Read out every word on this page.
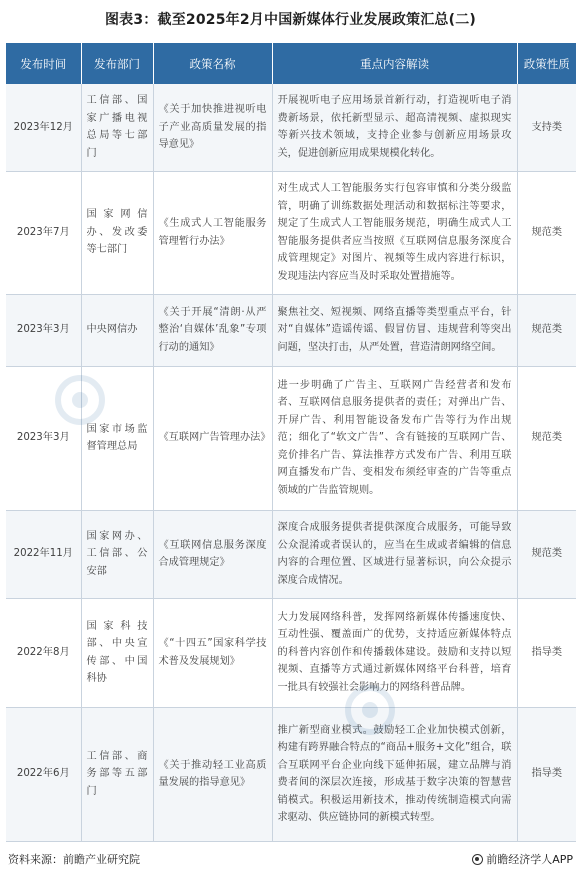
图表3：截至2025年2月中国新媒体行业发展政策汇总(二)
发布时间	发布部门	政策名称	重点内容解读	政策性质
2023年12月	工信部、国家广播电视总局等七部门	《关于加快推进视听电子产业高质量发展的指导意见》	开展视听电子应用场景首新行动，打造视听电子消费新场景，依托新型显示、超高清视频、虚拟现实等新兴技术领域，支持企业参与创新应用场景攻关，促进创新应用成果规模化转化。	支持类
2023年7月	国家网信办、发改委等七部门	《生成式人工智能服务管理暂行办法》	对生成式人工智能服务实行包容审慎和分类分级监管，明确了训练数据处理活动和数据标注等要求，规定了生成式人工智能服务规范，明确生成式人工智能服务提供者应当按照《互联网信息服务深度合成管理规定》对图片、视频等生成内容进行标识，发现违法内容应当及时采取处置措施等。	规范类
2023年3月	中央网信办	《关于开展“清朗·从严整治‘自媒体’乱象”专项行动的通知》	聚焦社交、短视频、网络直播等类型重点平台，针对“自媒体”造谣传谣、假冒仿冒、违规营利等突出问题，坚决打击，从严处置，营造清朗网络空间。	规范类
2023年3月	国家市场监督管理总局	《互联网广告管理办法》	进一步明确了广告主、互联网广告经营者和发布者、互联网信息服务提供者的责任；对弹出广告、开屏广告、利用智能设备发布广告等行为作出规范；细化了“软文广告”、含有链接的互联网广告、竞价排名广告、算法推荐方式发布广告、利用互联网直播发布广告、变相发布须经审查的广告等重点领域的广告监管规则。	规范类
2022年11月	国家网办、工信部、公安部	《互联网信息服务深度合成管理规定》	深度合成服务提供者提供深度合成服务，可能导致公众混淆或者误认的，应当在生成或者编辑的信息内容的合理位置、区域进行显著标识，向公众提示深度合成情况。	规范类
2022年8月	国家科技部、中央宣传部、中国科协	《“十四五”国家科学技术普及发展规划》	大力发展网络科普，发挥网络新媒体传播速度快、互动性强、覆盖面广的优势，支持适应新媒体特点的科普内容创作和传播载体建设。鼓励和支持以短视频、直播等方式通过新媒体网络平台科普，培育一批具有较强社会影响力的网络科普品牌。	指导类
2022年6月	工信部、商务部等五部门	《关于推动轻工业高质量发展的指导意见》	推广新型商业模式。鼓励轻工企业加快模式创新，构建有跨界融合特点的“商品+服务+文化”组合，联合互联网平台企业向线下延伸拓展，建立品牌与消费者间的深层次连接，形成基于数字决策的智慧营销模式。积极运用新技术，推动传统制造模式向需求驱动、供应链协同的新模式转型。	指导类
资料来源：前瞻产业研究院	前瞻经济学人APP
